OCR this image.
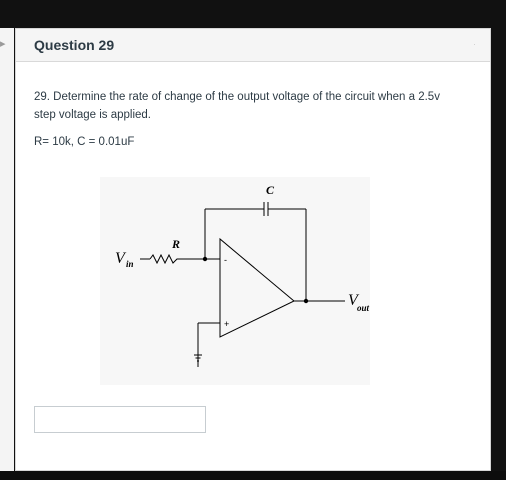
▸ Question 29	·
29. Determine the rate of change of the output voltage of the circuit when a 2.5v step voltage is applied.
R= 10k, C = 0.01uF
C
R
V in
V out
-
+
